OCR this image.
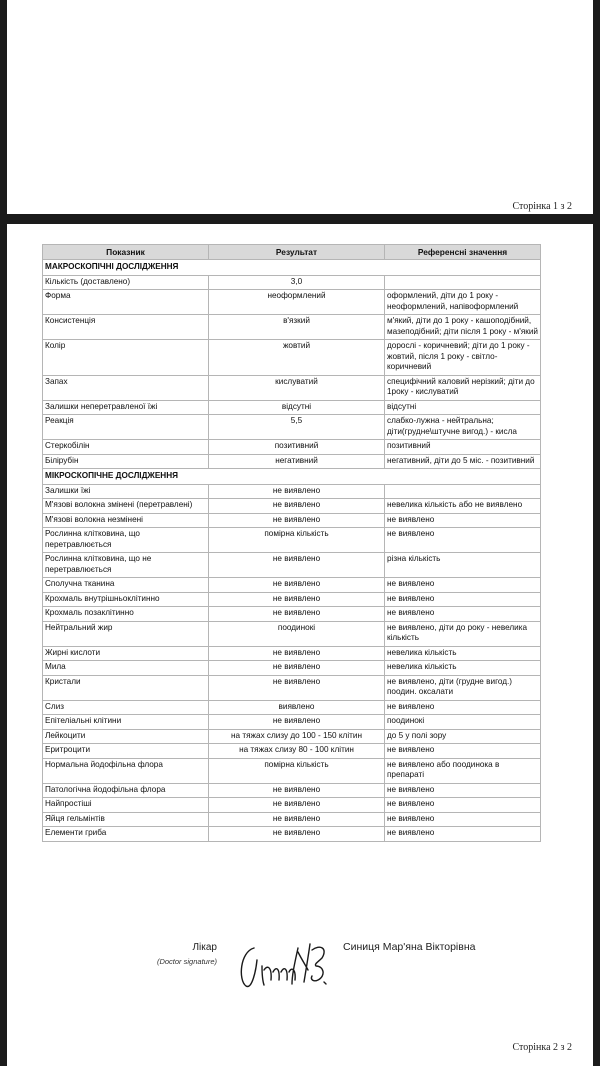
Сторінка 1 з 2
Показник	Результат	Референсні значення
МАКРОСКОПІЧНІ ДОСЛІДЖЕННЯ		
Кількість (доставлено)	3,0	
Форма	неоформлений	оформлений, діти до 1 року - неоформлений, напівоформлений
Консистенція	в'язкий	м'який, діти до 1 року - кашоподібний, мазеподібний; діти після 1 року - м'який
Колір	жовтий	дорослі - коричневий; діти до 1 року - жовтий, після 1 року - світло-коричневий
Запах	кислуватий	специфічний каловий нерізкий; діти до 1року - кислуватий
Залишки неперетравленої їжі	відсутні	відсутні
Реакція	5,5	слабко-лужна - нейтральна; діти(грудне\штучне вигод.) - кисла
Стеркобілін	позитивний	позитивний
Білірубін	негативний	негативний, діти до 5 міс. - позитивний
МІКРОСКОПІЧНЕ ДОСЛІДЖЕННЯ		
Залишки їжі	не виявлено	
М'язові волокна змінені (перетравлені)	не виявлено	невелика кількість або не виявлено
М'язові волокна незмінені	не виявлено	не виявлено
Рослинна клітковина, що перетравлюється	помірна кількість	не виявлено
Рослинна клітковина, що не перетравлюється	не виявлено	різна кількість
Сполучна тканина	не виявлено	не виявлено
Крохмаль внутрішньоклітинно	не виявлено	не виявлено
Крохмаль позаклітинно	не виявлено	не виявлено
Нейтральний жир	поодинокі	не виявлено, діти до року - невелика кількість
Жирні кислоти	не виявлено	невелика кількість
Мила	не виявлено	невелика кількість
Кристали	не виявлено	не виявлено, діти (грудне вигод.) поодин. оксалати
Слиз	виявлено	не виявлено
Епітеліальні клітини	не виявлено	поодинокі
Лейкоцити	на тяжах слизу до 100 - 150 клітин	до 5 у полі зору
Еритроцити	на тяжах слизу 80 - 100 клітин	не виявлено
Нормальна йодофільна флора	помірна кількість	не виявлено або поодинока в препараті
Патологічна йодофільна флора	не виявлено	не виявлено
Найпростіші	не виявлено	не виявлено
Яйця гельмінтів	не виявлено	не виявлено
Елементи гриба	не виявлено	не виявлено
Лікар
(Doctor signature)
Синиця Мар'яна Вікторівна
Сторінка 2 з 2
